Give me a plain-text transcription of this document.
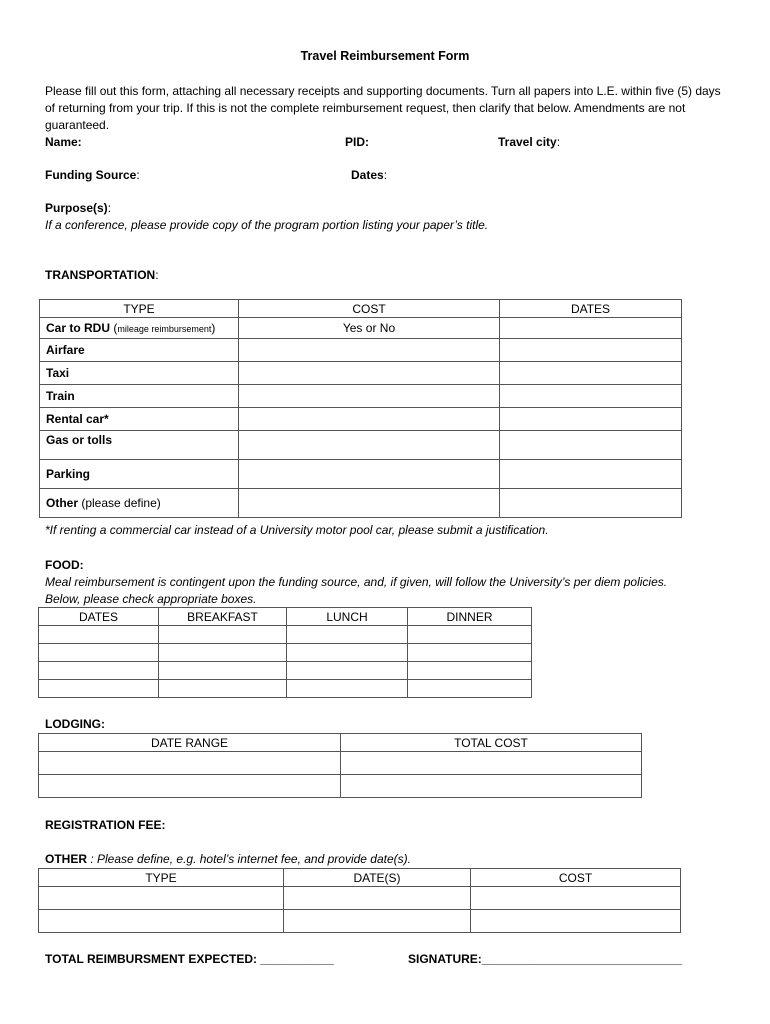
Travel Reimbursement Form
Please fill out this form, attaching all necessary receipts and supporting documents. Turn all papers into L.E. within five (5) days of returning from your trip. If this is not the complete reimbursement request, then clarify that below. Amendments are not guaranteed.
Name:	PID:	Travel city:
Funding Source:	Dates:
Purpose(s):
If a conference, please provide copy of the program portion listing your paper’s title.
TRANSPORTATION:
TYPE	COST	DATES
Car to RDU (mileage reimbursement)	Yes or No	
Airfare		
Taxi		
Train		
Rental car*		
Gas or tolls		
Parking		
Other (please define)		
*If renting a commercial car instead of a University motor pool car, please submit a justification.
FOOD:
Meal reimbursement is contingent upon the funding source, and, if given, will follow the University’s per diem policies.
Below, please check appropriate boxes.
DATES	BREAKFAST	LUNCH	DINNER

LODGING:
DATE RANGE	TOTAL COST

REGISTRATION FEE:
OTHER : Please define, e.g. hotel’s internet fee, and provide date(s).
TYPE	DATE(S)	COST

TOTAL REIMBURSMENT EXPECTED: ___________	SIGNATURE:______________________________
